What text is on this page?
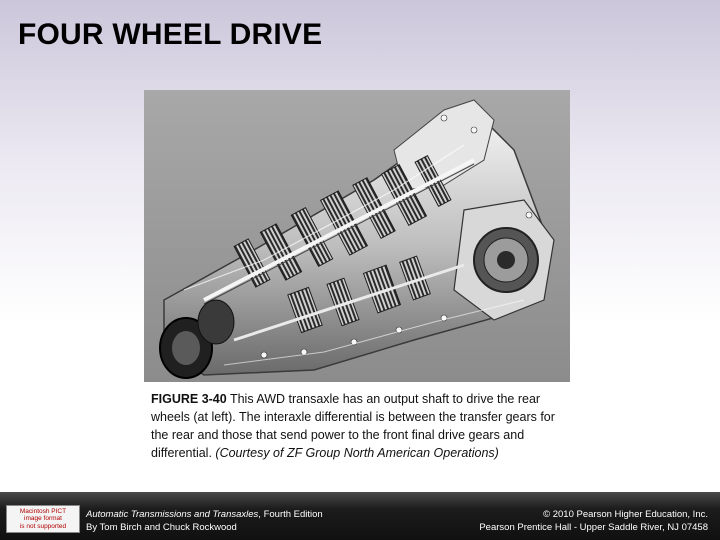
FOUR WHEEL DRIVE
FIGURE 3-40 This AWD transaxle has an output shaft to drive the rear wheels (at left). The interaxle differential is between the transfer gears for the rear and those that send power to the front final drive gears and differential. (Courtesy of ZF Group North American Operations)
Macintosh PICT
image format
is not supported
Automatic Transmissions and Transaxles, Fourth Edition
By Tom Birch and Chuck Rockwood
© 2010 Pearson Higher Education, Inc.
Pearson Prentice Hall - Upper Saddle River, NJ 07458
